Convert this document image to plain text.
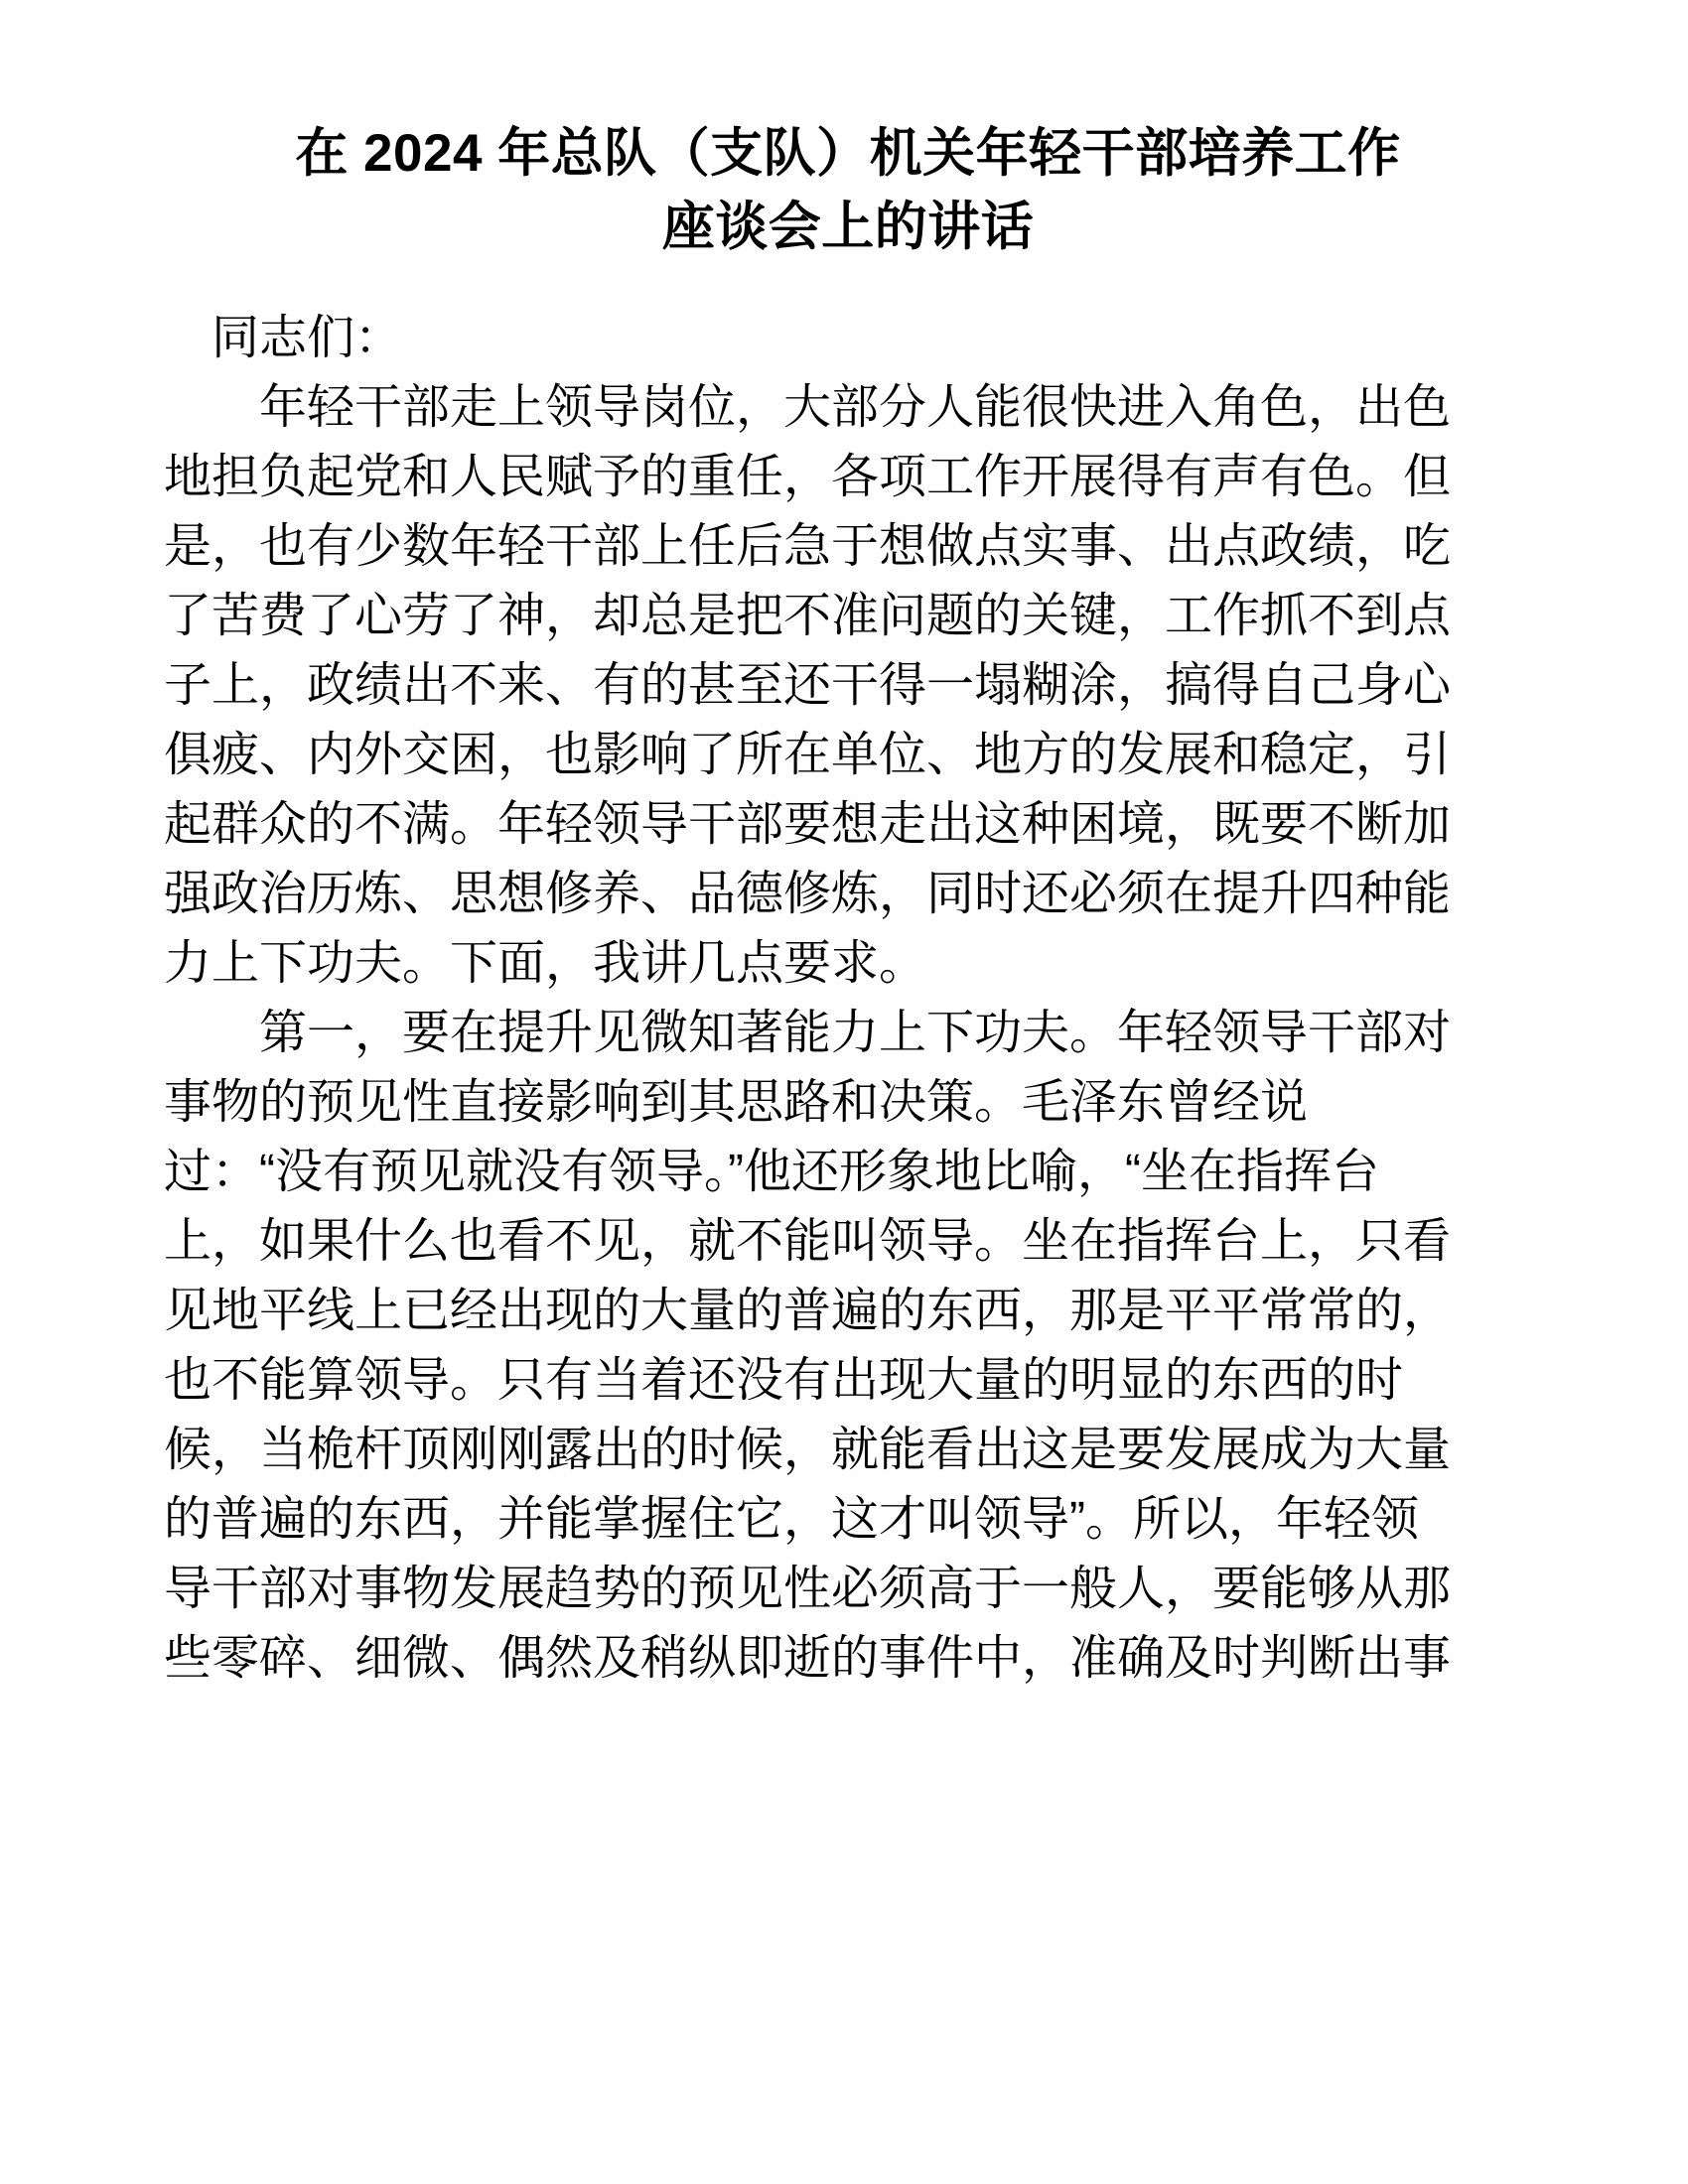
在 2024 年总队（支队）机关年轻干部培养工作
座谈会上的讲话

同志们：

年轻干部走上领导岗位，大部分人能很快进入角色，出色
地担负起党和人民赋予的重任，各项工作开展得有声有色。但
是，也有少数年轻干部上任后急于想做点实事、出点政绩，吃
了苦费了心劳了神，却总是把不准问题的关键，工作抓不到点
子上，政绩出不来、有的甚至还干得一塌糊涂，搞得自己身心
俱疲、内外交困，也影响了所在单位、地方的发展和稳定，引
起群众的不满。年轻领导干部要想走出这种困境，既要不断加
强政治历炼、思想修养、品德修炼，同时还必须在提升四种能
力上下功夫。下面，我讲几点要求。

第一，要在提升见微知著能力上下功夫。年轻领导干部对
事物的预见性直接影响到其思路和决策。毛泽东曾经说
过：“没有预见就没有领导。”他还形象地比喻，“坐在指挥台
上，如果什么也看不见，就不能叫领导。坐在指挥台上，只看
见地平线上已经出现的大量的普遍的东西，那是平平常常的，
也不能算领导。只有当着还没有出现大量的明显的东西的时
候，当桅杆顶刚刚露出的时候，就能看出这是要发展成为大量
的普遍的东西，并能掌握住它，这才叫领导”。所以，年轻领
导干部对事物发展趋势的预见性必须高于一般人，要能够从那
些零碎、细微、偶然及稍纵即逝的事件中，准确及时判断出事
